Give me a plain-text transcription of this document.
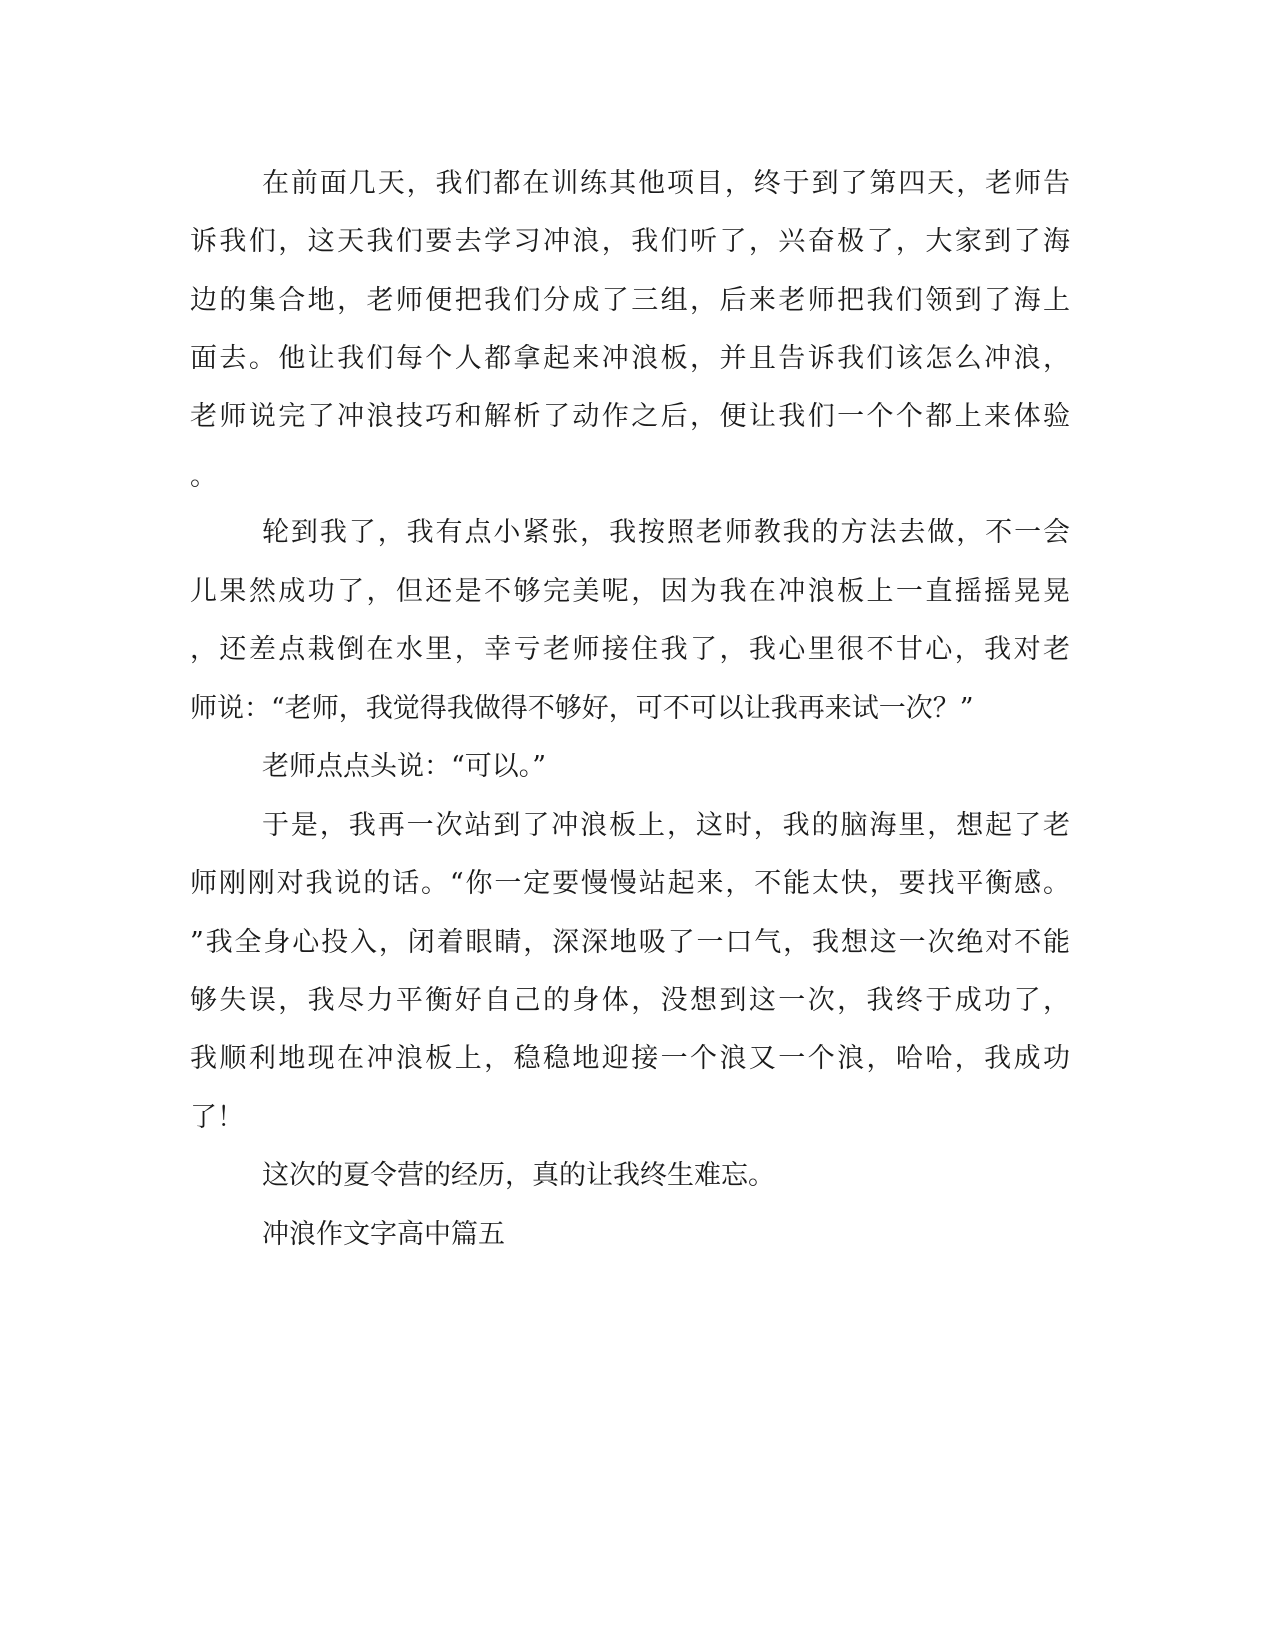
在前面几天，我们都在训练其他项目，终于到了第四天，老师告
诉我们，这天我们要去学习冲浪，我们听了，兴奋极了，大家到了海
边的集合地，老师便把我们分成了三组，后来老师把我们领到了海上
面去。他让我们每个人都拿起来冲浪板，并且告诉我们该怎么冲浪，
老师说完了冲浪技巧和解析了动作之后，便让我们一个个都上来体验
。
轮到我了，我有点小紧张，我按照老师教我的方法去做，不一会
儿果然成功了，但还是不够完美呢，因为我在冲浪板上一直摇摇晃晃
，还差点栽倒在水里，幸亏老师接住我了，我心里很不甘心，我对老
师说：“老师，我觉得我做得不够好，可不可以让我再来试一次？”
老师点点头说：“可以。”
于是，我再一次站到了冲浪板上，这时，我的脑海里，想起了老
师刚刚对我说的话。“你一定要慢慢站起来，不能太快，要找平衡感。
”我全身心投入，闭着眼睛，深深地吸了一口气，我想这一次绝对不能
够失误，我尽力平衡好自己的身体，没想到这一次，我终于成功了，
我顺利地现在冲浪板上，稳稳地迎接一个浪又一个浪，哈哈，我成功
了！
这次的夏令营的经历，真的让我终生难忘。
冲浪作文字高中篇五
